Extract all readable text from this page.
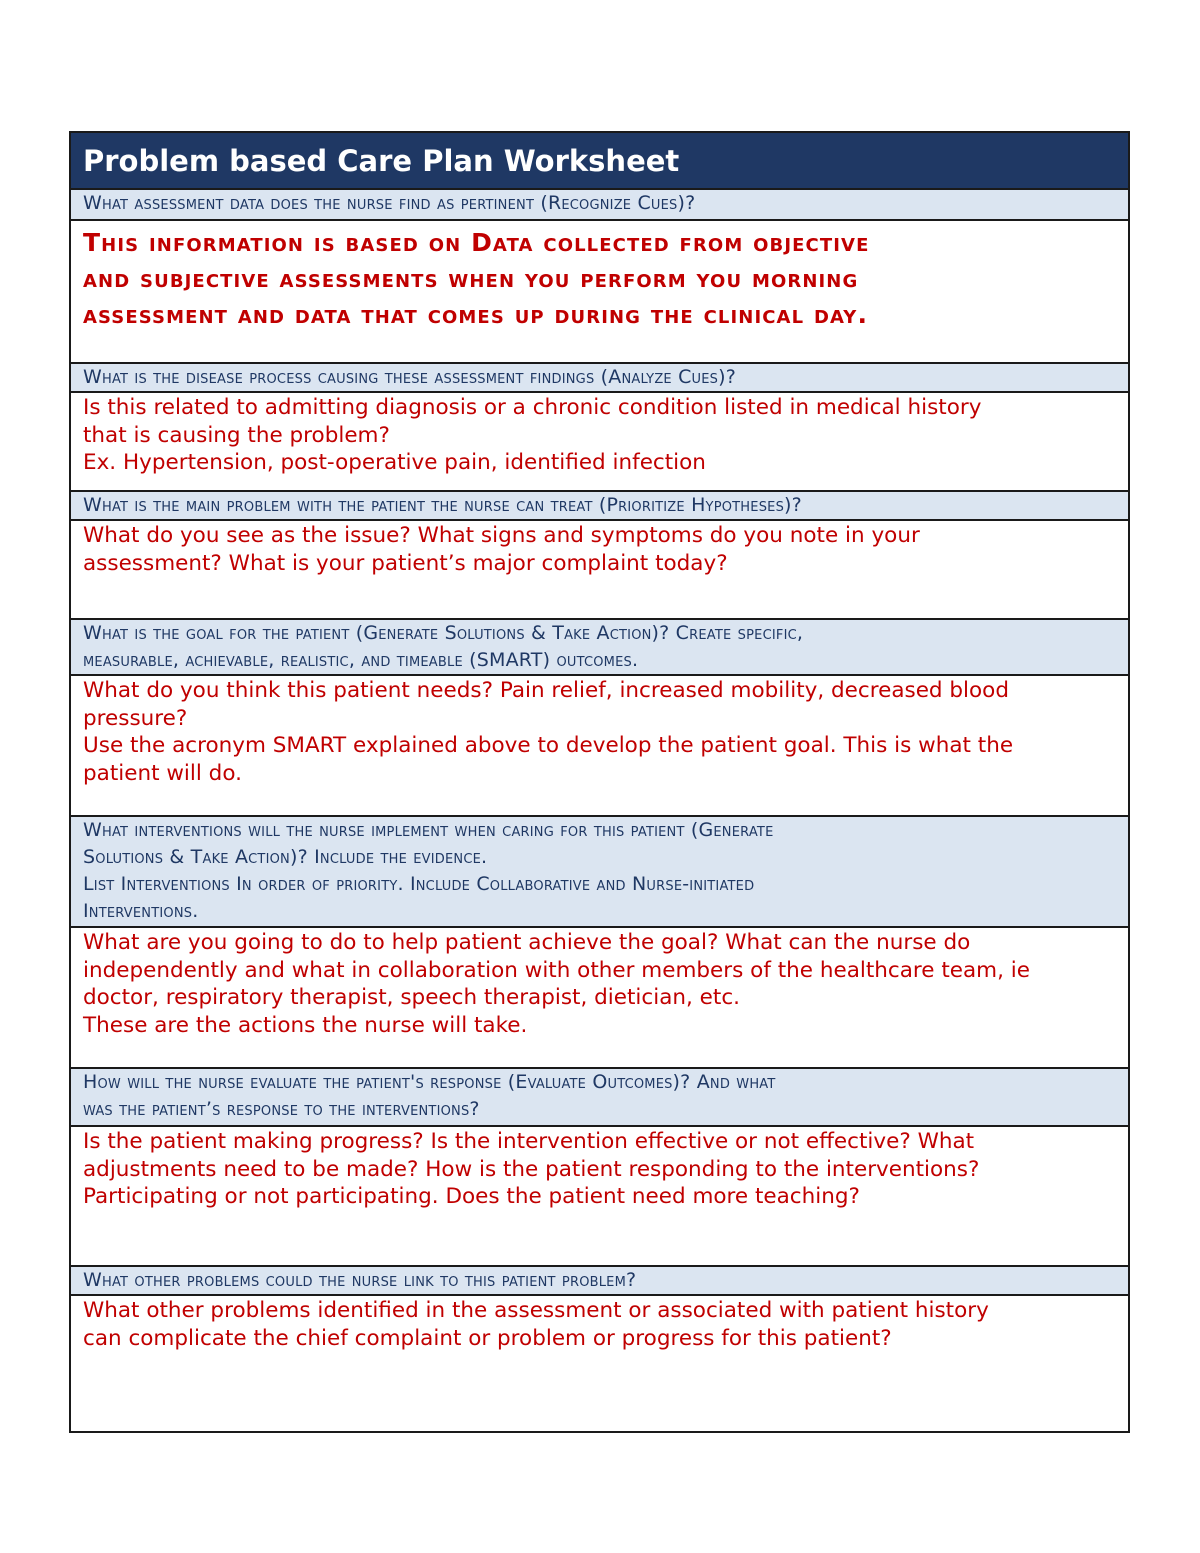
Problem based Care Plan Worksheet
What assessment data does the nurse find as pertinent (Recognize Cues)?
This information is based on Data collected from objective
and subjective assessments when you perform you morning
assessment and data that comes up during the clinical day.
What is the disease process causing these assessment findings (Analyze Cues)?
Is this related to admitting diagnosis or a chronic condition listed in medical history
that is causing the problem?
Ex. Hypertension, post-operative pain, identified infection
What is the main problem with the patient the nurse can treat (Prioritize Hypotheses)?
What do you see as the issue? What signs and symptoms do you note in your
assessment? What is your patient’s major complaint today?
What is the goal for the patient (Generate Solutions & Take Action)? Create specific,
measurable, achievable, realistic, and timeable (SMART) outcomes.
What do you think this patient needs? Pain relief, increased mobility, decreased blood
pressure?
Use the acronym SMART explained above to develop the patient goal. This is what the
patient will do.
What interventions will the nurse implement when caring for this patient (Generate
Solutions & Take Action)? Include the evidence.
List Interventions In order of priority. Include Collaborative and Nurse-initiated
Interventions.
What are you going to do to help patient achieve the goal? What can the nurse do
independently and what in collaboration with other members of the healthcare team, ie
doctor, respiratory therapist, speech therapist, dietician, etc.
These are the actions the nurse will take.
How will the nurse evaluate the patient's response (Evaluate Outcomes)? And what
was the patient’s response to the interventions?
Is the patient making progress? Is the intervention effective or not effective? What
adjustments need to be made? How is the patient responding to the interventions?
Participating or not participating. Does the patient need more teaching?
What other problems could the nurse link to this patient problem?
What other problems identified in the assessment or associated with patient history
can complicate the chief complaint or problem or progress for this patient?
